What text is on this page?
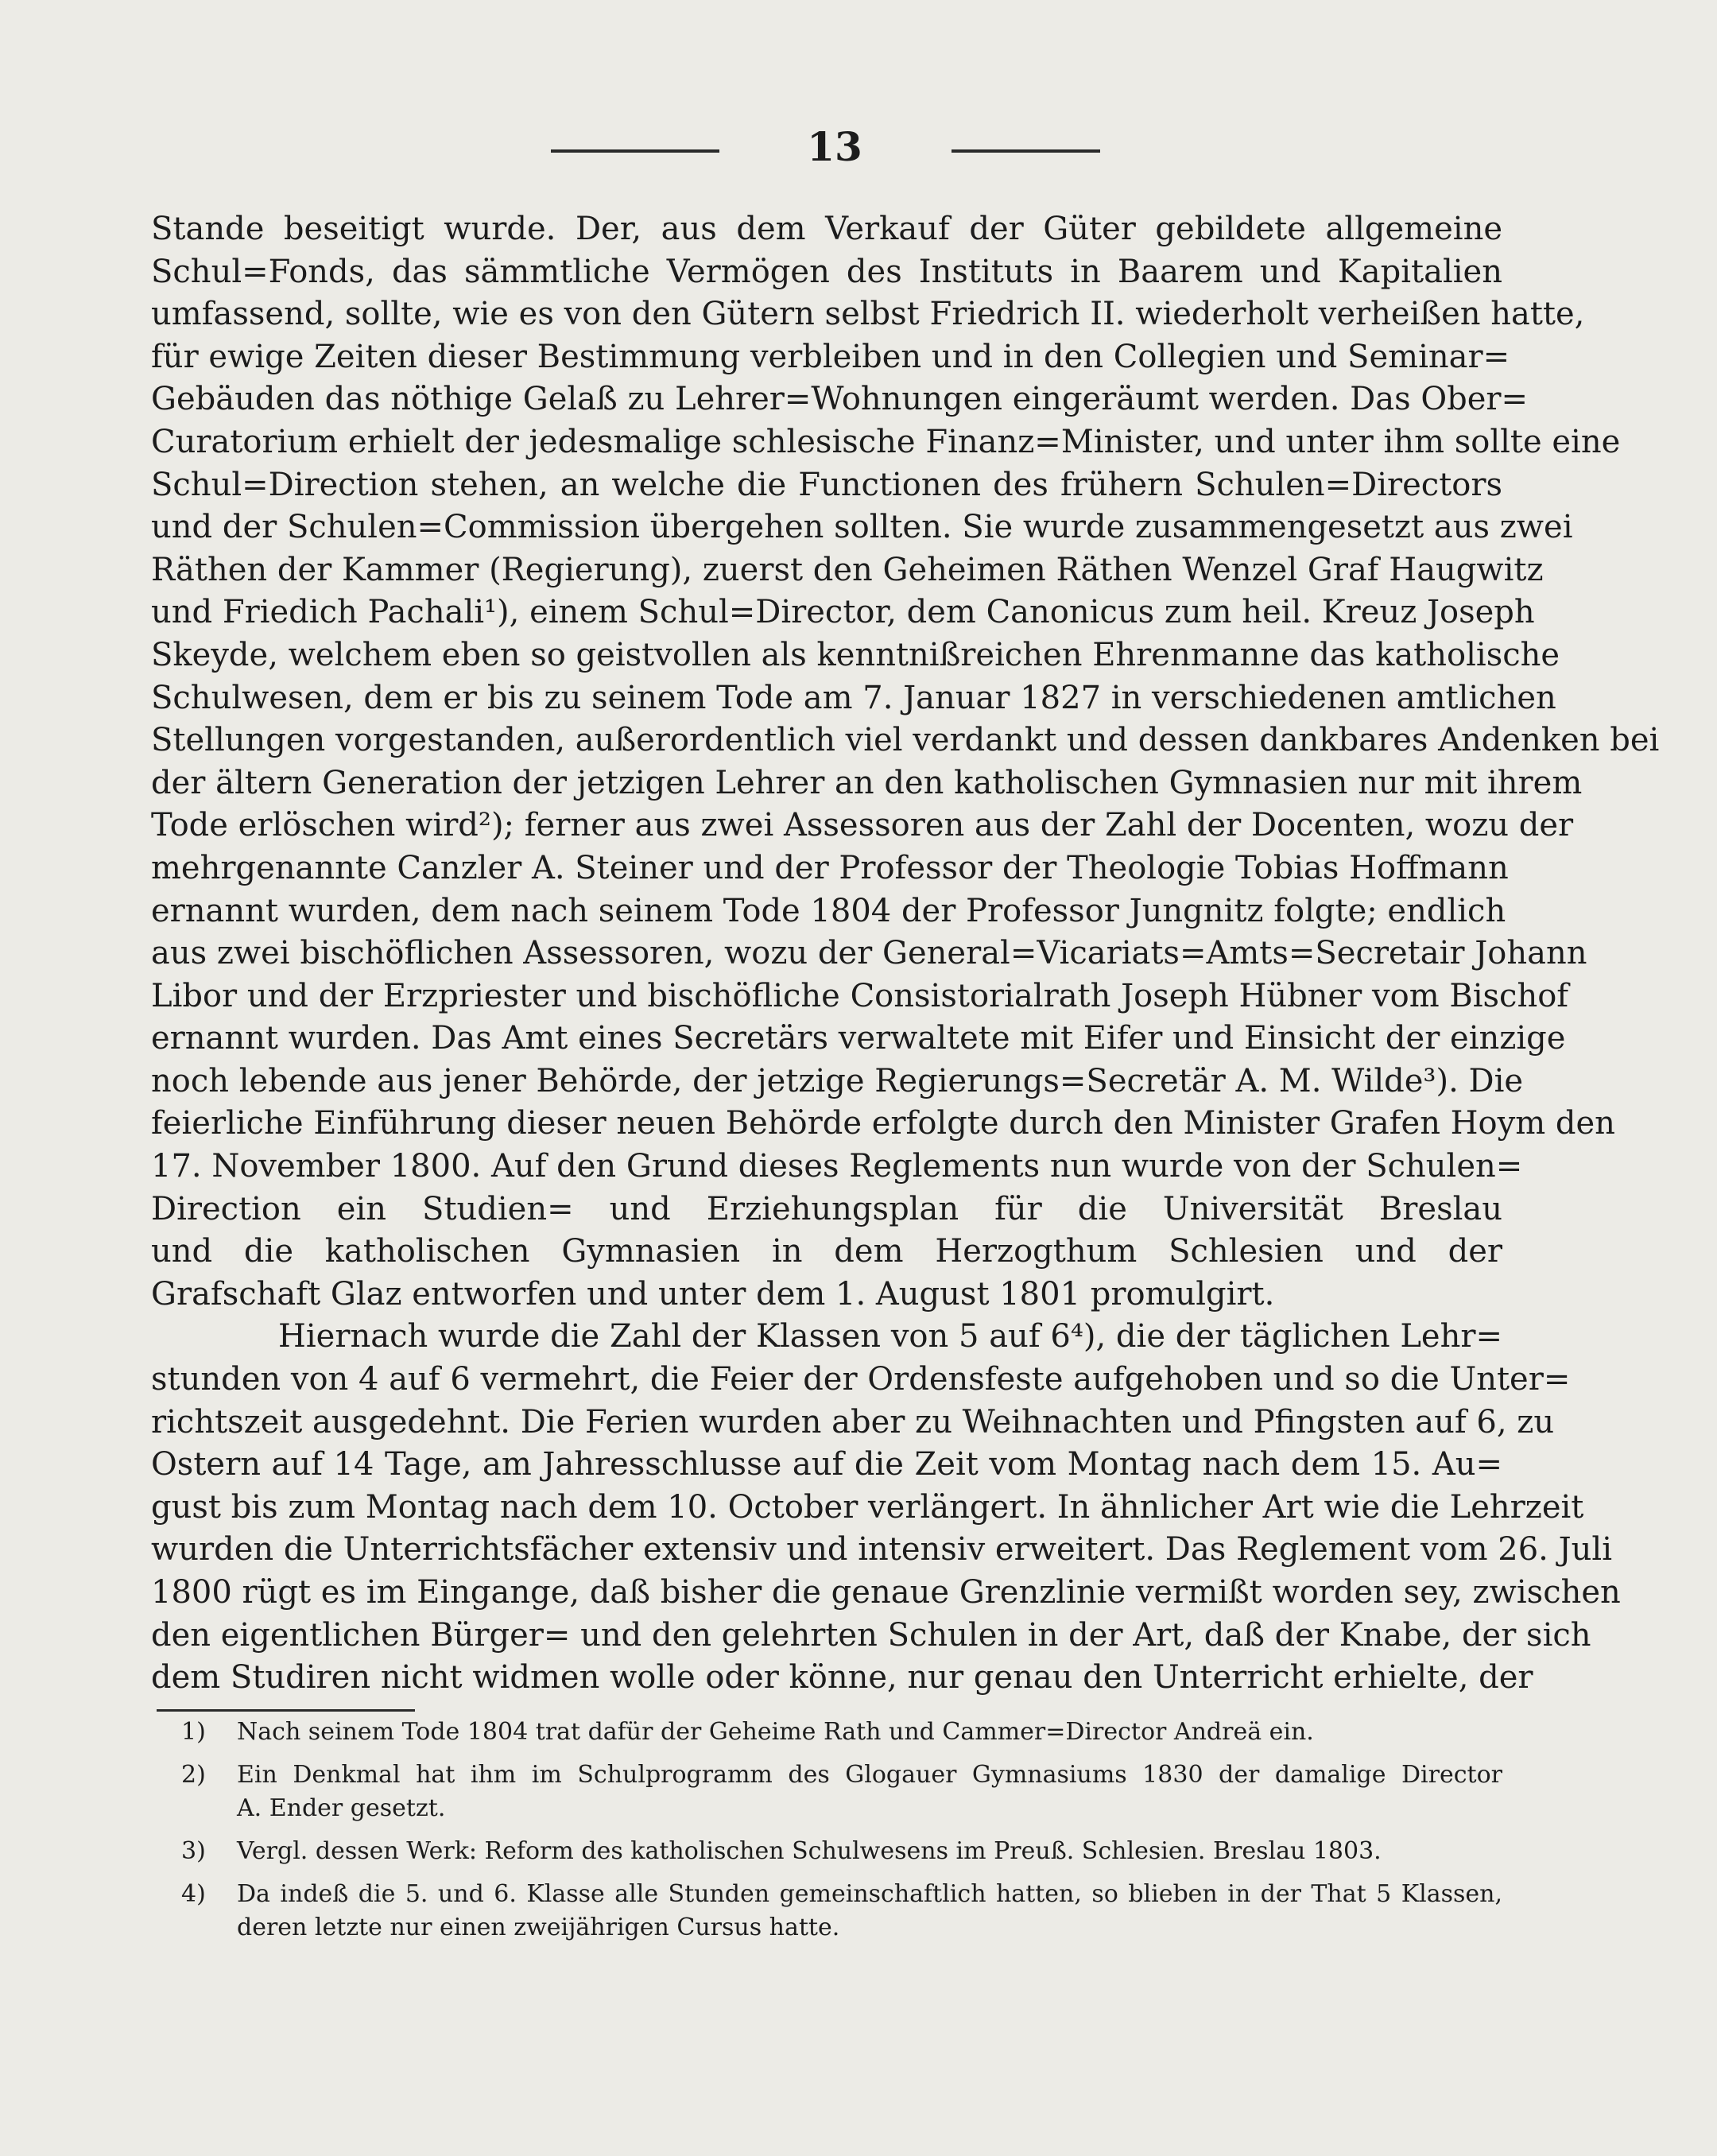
13
Stande beseitigt wurde. Der, aus dem Verkauf der Güter gebildete allgemeine
Schul=Fonds, das sämmtliche Vermögen des Instituts in Baarem und Kapitalien
umfassend, sollte, wie es von den Gütern selbst Friedrich II. wiederholt verheißen hatte,
für ewige Zeiten dieser Bestimmung verbleiben und in den Collegien und Seminar=
Gebäuden das nöthige Gelaß zu Lehrer=Wohnungen eingeräumt werden. Das Ober=
Curatorium erhielt der jedesmalige schlesische Finanz=Minister, und unter ihm sollte eine
Schul=Direction stehen, an welche die Functionen des frühern Schulen=Directors
und der Schulen=Commission übergehen sollten. Sie wurde zusammengesetzt aus zwei
Räthen der Kammer (Regierung), zuerst den Geheimen Räthen Wenzel Graf Haugwitz
und Friedich Pachali¹), einem Schul=Director, dem Canonicus zum heil. Kreuz Joseph
Skeyde, welchem eben so geistvollen als kenntnißreichen Ehrenmanne das katholische
Schulwesen, dem er bis zu seinem Tode am 7. Januar 1827 in verschiedenen amtlichen
Stellungen vorgestanden, außerordentlich viel verdankt und dessen dankbares Andenken bei
der ältern Generation der jetzigen Lehrer an den katholischen Gymnasien nur mit ihrem
Tode erlöschen wird²); ferner aus zwei Assessoren aus der Zahl der Docenten, wozu der
mehrgenannte Canzler A. Steiner und der Professor der Theologie Tobias Hoffmann
ernannt wurden, dem nach seinem Tode 1804 der Professor Jungnitz folgte; endlich
aus zwei bischöflichen Assessoren, wozu der General=Vicariats=Amts=Secretair Johann
Libor und der Erzpriester und bischöfliche Consistorialrath Joseph Hübner vom Bischof
ernannt wurden. Das Amt eines Secretärs verwaltete mit Eifer und Einsicht der einzige
noch lebende aus jener Behörde, der jetzige Regierungs=Secretär A. M. Wilde³). Die
feierliche Einführung dieser neuen Behörde erfolgte durch den Minister Grafen Hoym den
17. November 1800. Auf den Grund dieses Reglements nun wurde von der Schulen=
Direction ein Studien= und Erziehungsplan für die Universität Breslau
und die katholischen Gymnasien in dem Herzogthum Schlesien und der
Grafschaft Glaz entworfen und unter dem 1. August 1801 promulgirt.
Hiernach wurde die Zahl der Klassen von 5 auf 6⁴), die der täglichen Lehr=
stunden von 4 auf 6 vermehrt, die Feier der Ordensfeste aufgehoben und so die Unter=
richtszeit ausgedehnt. Die Ferien wurden aber zu Weihnachten und Pfingsten auf 6, zu
Ostern auf 14 Tage, am Jahresschlusse auf die Zeit vom Montag nach dem 15. Au=
gust bis zum Montag nach dem 10. October verlängert. In ähnlicher Art wie die Lehrzeit
wurden die Unterrichtsfächer extensiv und intensiv erweitert. Das Reglement vom 26. Juli
1800 rügt es im Eingange, daß bisher die genaue Grenzlinie vermißt worden sey, zwischen
den eigentlichen Bürger= und den gelehrten Schulen in der Art, daß der Knabe, der sich
dem Studiren nicht widmen wolle oder könne, nur genau den Unterricht erhielte, der
1)	Nach seinem Tode 1804 trat dafür der Geheime Rath und Cammer=Director Andreä ein.
2)	Ein Denkmal hat ihm im Schulprogramm des Glogauer Gymnasiums 1830 der damalige Director
A. Ender gesetzt.
3)	Vergl. dessen Werk: Reform des katholischen Schulwesens im Preuß. Schlesien. Breslau 1803.
4)	Da indeß die 5. und 6. Klasse alle Stunden gemeinschaftlich hatten, so blieben in der That 5 Klassen,
deren letzte nur einen zweijährigen Cursus hatte.
